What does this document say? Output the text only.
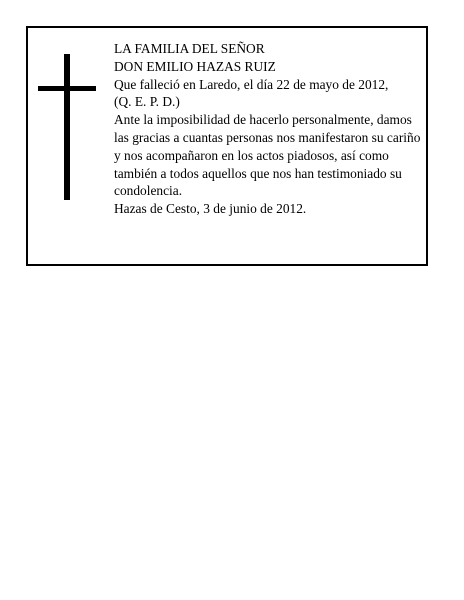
LA FAMILIA DEL SEÑOR

DON EMILIO HAZAS RUIZ

Que falleció en Laredo, el día 22 de mayo de 2012,

(Q. E. P. D.)

Ante la imposibilidad de hacerlo personalmente, damos las gracias a cuantas personas nos manifestaron su cariño y nos acompañaron en los actos piadosos, así como también a todos aquellos que nos han testimoniado su condolencia.

Hazas de Cesto, 3 de junio de 2012.
